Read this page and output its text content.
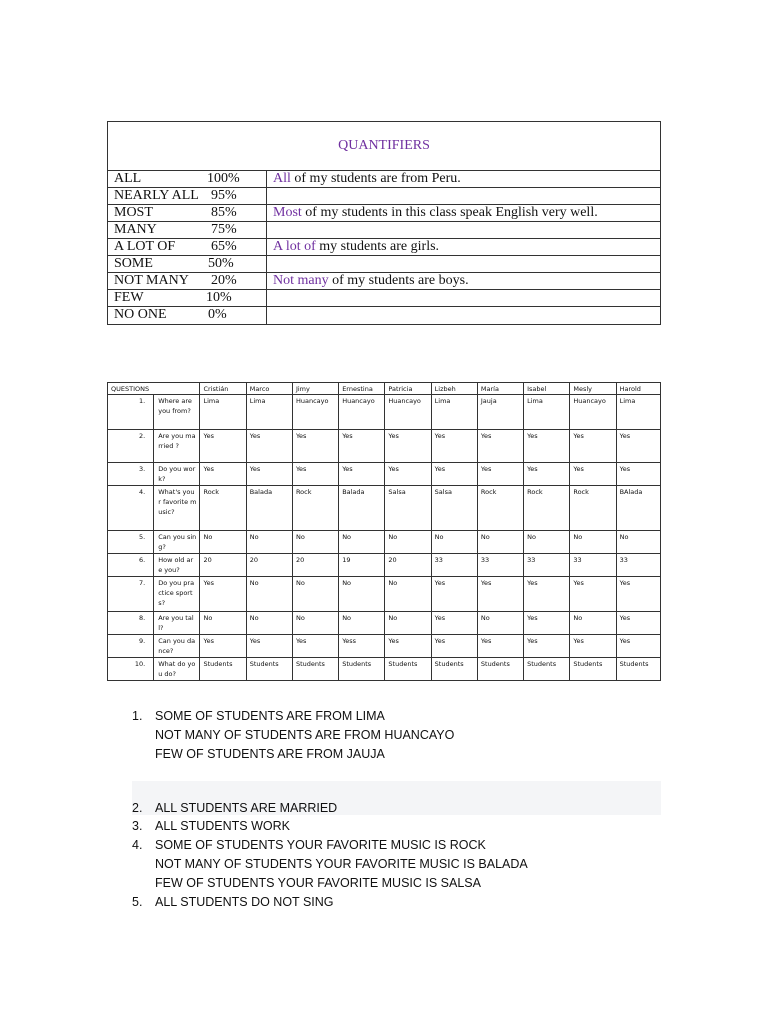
QUANTIFIERS
ALL	100%	All of my students are from Peru.
NEARLY ALL 95%
MOST	85%	Most of my students in this class speak English very well.
MANY	75%
A LOT OF	65%	A lot of my students are girls.
SOME	50%
NOT MANY 20%	Not many of my students are boys.
FEW	10%
NO ONE	0%
QUESTIONS		Cristián	Marco	Jimy	Ernestina	Patricia	Lizbeh	María	Isabel	Mesly	Harold
1.	Where are you from?	Lima	Lima	Huancayo	Huancayo	Huancayo	Lima	Jauja	Lima	Huancayo	Lima
2.	Are you married ?	Yes	Yes	Yes	Yes	Yes	Yes	Yes	Yes	Yes	Yes
3.	Do you work?	Yes	Yes	Yes	Yes	Yes	Yes	Yes	Yes	Yes	Yes
4.	What's your favorite music?	Rock	Balada	Rock	Balada	Salsa	Salsa	Rock	Rock	Rock	BAlada
5.	Can you sing?	No	No	No	No	No	No	No	No	No	No
6.	How old are you?	20	20	20	19	20	33	33	33	33	33
7.	Do you practice sports?	Yes	No	No	No	No	Yes	Yes	Yes	Yes	Yes
8.	Are you tall?	No	No	No	No	No	Yes	No	Yes	No	Yes
9.	Can you dance?	Yes	Yes	Yes	Yess	Yes	Yes	Yes	Yes	Yes	Yes
10.	What do you do?	Students	Students	Students	Students	Students	Students	Students	Students	Students	Students
1. SOME OF STUDENTS ARE FROM LIMA
NOT MANY OF STUDENTS ARE FROM HUANCAYO
FEW OF STUDENTS ARE FROM JAUJA
2. ALL STUDENTS ARE MARRIED
3. ALL STUDENTS WORK
4. SOME OF STUDENTS YOUR FAVORITE MUSIC IS ROCK
NOT MANY OF STUDENTS YOUR FAVORITE MUSIC IS BALADA
FEW OF STUDENTS YOUR FAVORITE MUSIC IS SALSA
5. ALL STUDENTS DO NOT SING
